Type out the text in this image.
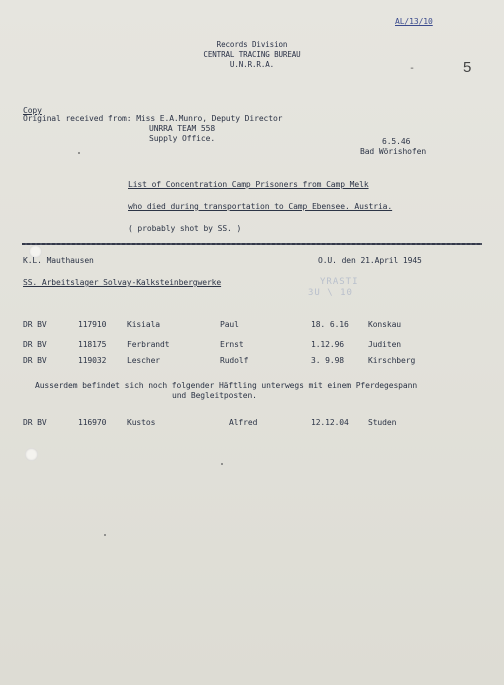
AL/13/10
Records Division
CENTRAL TRACING BUREAU
U.N.R.R.A.	-	5
Copy
Original received from: Miss E.A.Munro, Deputy Director
UNRRA TEAM 558
Supply Office.	6.5.46
Bad Wörishofen
List of Concentration Camp Prisoners from Camp Melk
who died during transportation to Camp Ebensee. Austria.
( probably shot by SS. )
K.L. Mauthausen	O.U. den 21.April 1945
SS. Arbeitslager Solvay-Kalksteinbergwerke	YRASTI
3U \ 10
DR BV	117910	Kisiala	Paul	18. 6.16 Konskau
DR BV	118175	Ferbrandt	Ernst	1.12.96	Juditen
DR BV	119032	Lescher	Rudolf	3. 9.98	Kirschberg
Ausserdem befindet sich noch folgender Häftling unterwegs mit einem Pferdegespann
und Begleitposten.
DR BV	116970	Kustos	Alfred	12.12.04 Studen
